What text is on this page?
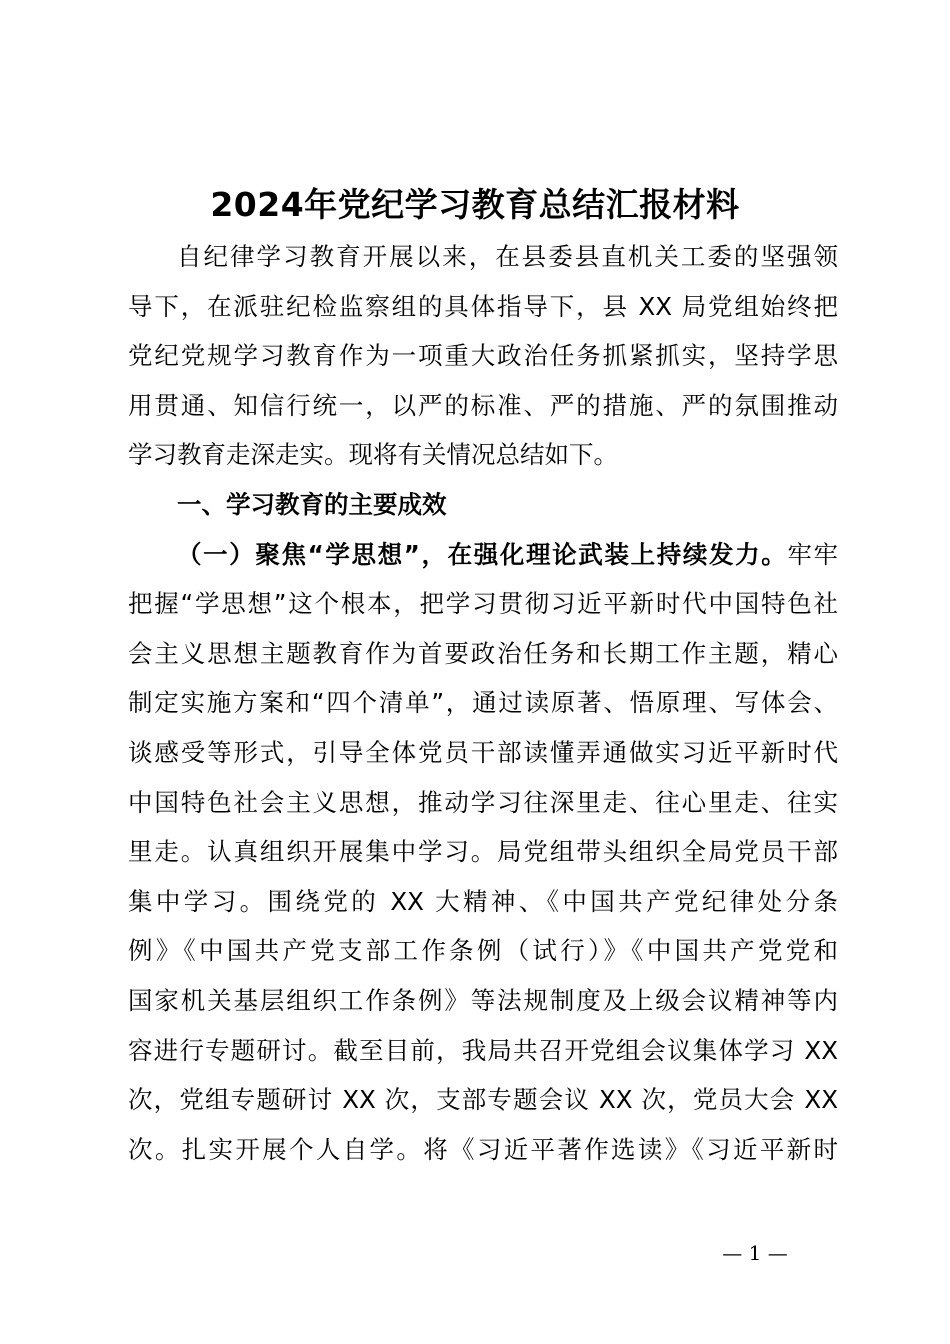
2024年党纪学习教育总结汇报材料
自纪律学习教育开展以来，在县委县直机关工委的坚强领
导下，在派驻纪检监察组的具体指导下，县 XX 局党组始终把
党纪党规学习教育作为一项重大政治任务抓紧抓实，坚持学思
用贯通、知信行统一，以严的标准、严的措施、严的氛围推动
学习教育走深走实。现将有关情况总结如下。
一、学习教育的主要成效
（一）聚焦“学思想”，在强化理论武装上持续发力。牢牢
把握“学思想”这个根本，把学习贯彻习近平新时代中国特色社
会主义思想主题教育作为首要政治任务和长期工作主题，精心
制定实施方案和“四个清单”，通过读原著、悟原理、写体会、
谈感受等形式，引导全体党员干部读懂弄通做实习近平新时代
中国特色社会主义思想，推动学习往深里走、往心里走、往实
里走。认真组织开展集中学习。局党组带头组织全局党员干部
集中学习。围绕党的 XX 大精神、《中国共产党纪律处分条
例》《中国共产党支部工作条例（试行）》《中国共产党党和
国家机关基层组织工作条例》等法规制度及上级会议精神等内
容进行专题研讨。截至目前，我局共召开党组会议集体学习 XX
次，党组专题研讨 XX 次，支部专题会议 XX 次，党员大会 XX
次。扎实开展个人自学。将《习近平著作选读》《习近平新时
— 1 —
